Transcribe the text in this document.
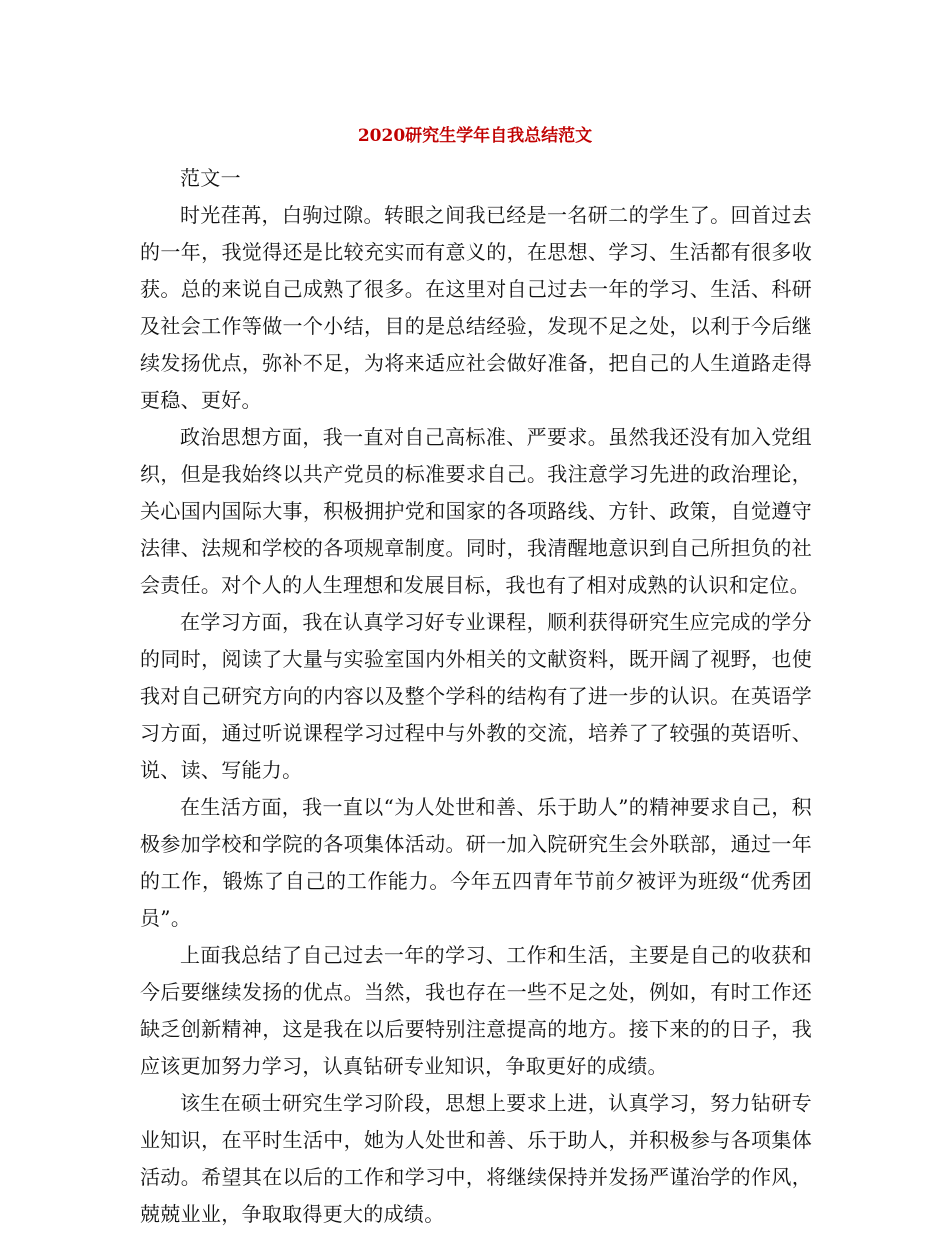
2020研究生学年自我总结范文

范文一

时光荏苒，白驹过隙。转眼之间我已经是一名研二的学生了。回首过去的一年，我觉得还是比较充实而有意义的，在思想、学习、生活都有很多收获。总的来说自己成熟了很多。在这里对自己过去一年的学习、生活、科研及社会工作等做一个小结，目的是总结经验，发现不足之处，以利于今后继续发扬优点，弥补不足，为将来适应社会做好准备，把自己的人生道路走得更稳、更好。

政治思想方面，我一直对自己高标准、严要求。虽然我还没有加入党组织，但是我始终以共产党员的标准要求自己。我注意学习先进的政治理论，关心国内国际大事，积极拥护党和国家的各项路线、方针、政策，自觉遵守法律、法规和学校的各项规章制度。同时，我清醒地意识到自己所担负的社会责任。对个人的人生理想和发展目标，我也有了相对成熟的认识和定位。

在学习方面，我在认真学习好专业课程，顺利获得研究生应完成的学分的同时，阅读了大量与实验室国内外相关的文献资料，既开阔了视野，也使我对自己研究方向的内容以及整个学科的结构有了进一步的认识。在英语学习方面，通过听说课程学习过程中与外教的交流，培养了了较强的英语听、说、读、写能力。

在生活方面，我一直以“为人处世和善、乐于助人”的精神要求自己，积极参加学校和学院的各项集体活动。研一加入院研究生会外联部，通过一年的工作，锻炼了自己的工作能力。今年五四青年节前夕被评为班级“优秀团员”。

上面我总结了自己过去一年的学习、工作和生活，主要是自己的收获和今后要继续发扬的优点。当然，我也存在一些不足之处，例如，有时工作还缺乏创新精神，这是我在以后要特别注意提高的地方。接下来的的日子，我应该更加努力学习，认真钻研专业知识，争取更好的成绩。

该生在硕士研究生学习阶段，思想上要求上进，认真学习，努力钻研专业知识，在平时生活中，她为人处世和善、乐于助人，并积极参与各项集体活动。希望其在以后的工作和学习中，将继续保持并发扬严谨治学的作风，兢兢业业，争取取得更大的成绩。
